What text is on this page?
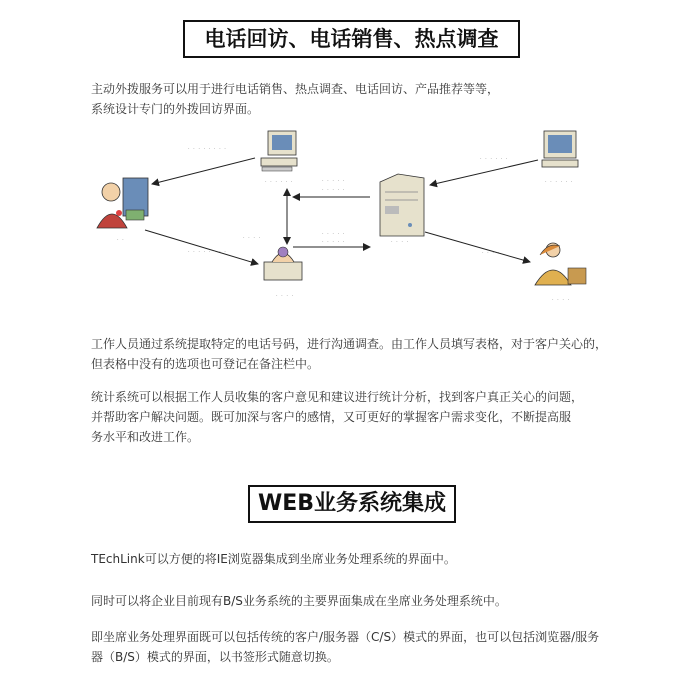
电话回访、电话销售、热点调查
主动外拨服务可以用于进行电话销售、热点调查、电话回访、产品推荐等等，
系统设计专门的外拨回访界面。
· ·
· · · · · ·
· · · · · · · ·
· · · ·
· · · · ·
· · · · ·
· · · · ·
· · · · ·
· · · ·
· · · ·
· · · · · · · ·
· · · · · ·
· · · · · ·
· · · ·
· · · ·
工作人员通过系统提取特定的电话号码，进行沟通调查。由工作人员填写表格，对于客户关心的，
但表格中没有的选项也可登记在备注栏中。
统计系统可以根据工作人员收集的客户意见和建议进行统计分析，找到客户真正关心的问题，
并帮助客户解决问题。既可加深与客户的感情，又可更好的掌握客户需求变化，不断提高服
务水平和改进工作。
WEB业务系统集成
TEchLink可以方便的将IE浏览器集成到坐席业务处理系统的界面中。
同时可以将企业目前现有B/S业务系统的主要界面集成在坐席业务处理系统中。
即坐席业务处理界面既可以包括传统的客户/服务器（C/S）模式的界面，也可以包括浏览器/服务
器（B/S）模式的界面，以书签形式随意切换。
